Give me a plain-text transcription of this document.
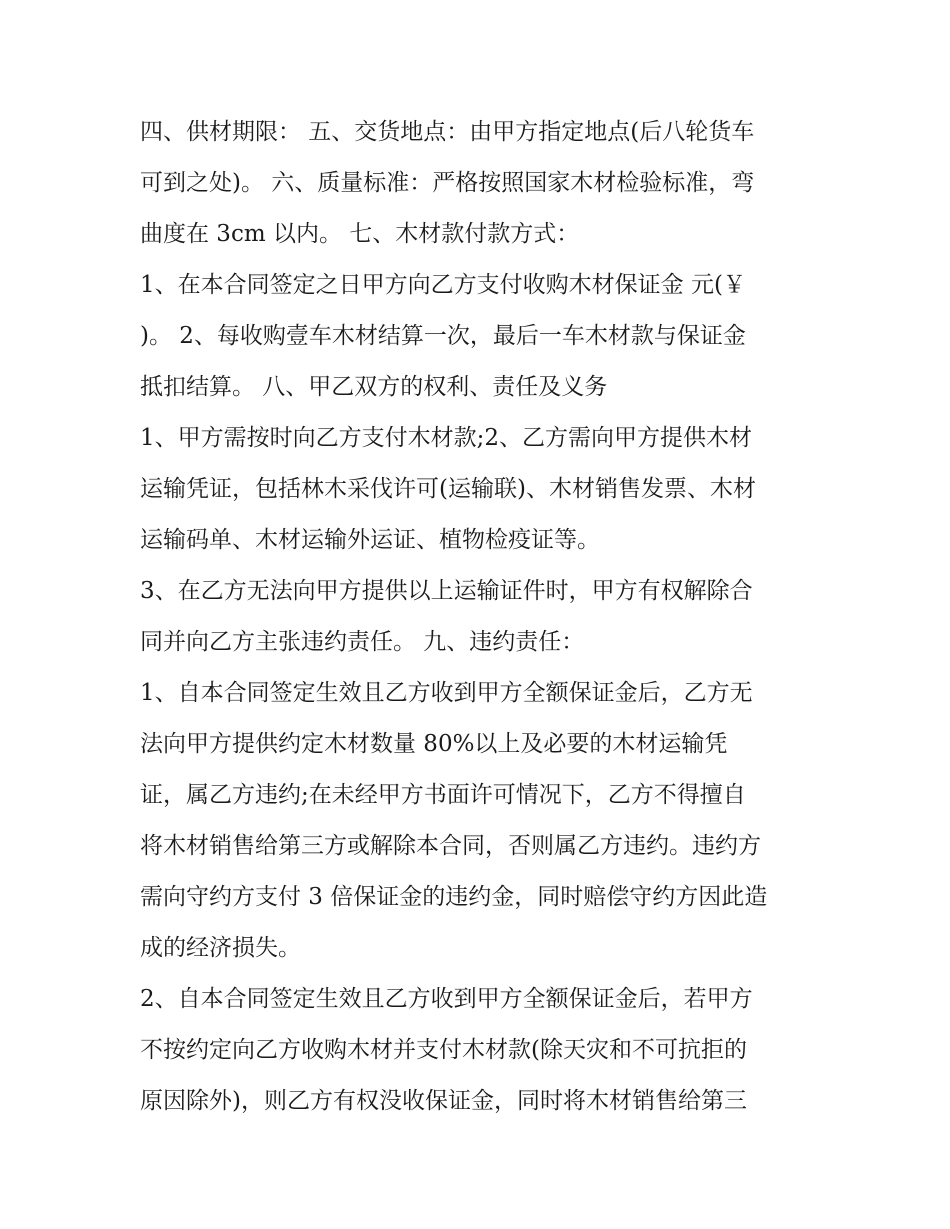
四、供材期限： 五、交货地点：由甲方指定地点(后八轮货车
可到之处)。 六、质量标准：严格按照国家木材检验标准，弯
曲度在 3cm 以内。 七、木材款付款方式：
1、在本合同签定之日甲方向乙方支付收购木材保证金 元(￥
)。 2、每收购壹车木材结算一次，最后一车木材款与保证金
抵扣结算。 八、甲乙双方的权利、责任及义务
1、甲方需按时向乙方支付木材款;2、乙方需向甲方提供木材
运输凭证，包括林木采伐许可(运输联)、木材销售发票、木材
运输码单、木材运输外运证、植物检疫证等。
3、在乙方无法向甲方提供以上运输证件时，甲方有权解除合
同并向乙方主张违约责任。 九、违约责任：
1、自本合同签定生效且乙方收到甲方全额保证金后，乙方无
法向甲方提供约定木材数量 80%以上及必要的木材运输凭
证，属乙方违约;在未经甲方书面许可情况下，乙方不得擅自
将木材销售给第三方或解除本合同，否则属乙方违约。违约方
需向守约方支付 3 倍保证金的违约金，同时赔偿守约方因此造
成的经济损失。
2、自本合同签定生效且乙方收到甲方全额保证金后，若甲方
不按约定向乙方收购木材并支付木材款(除天灾和不可抗拒的
原因除外)，则乙方有权没收保证金，同时将木材销售给第三
